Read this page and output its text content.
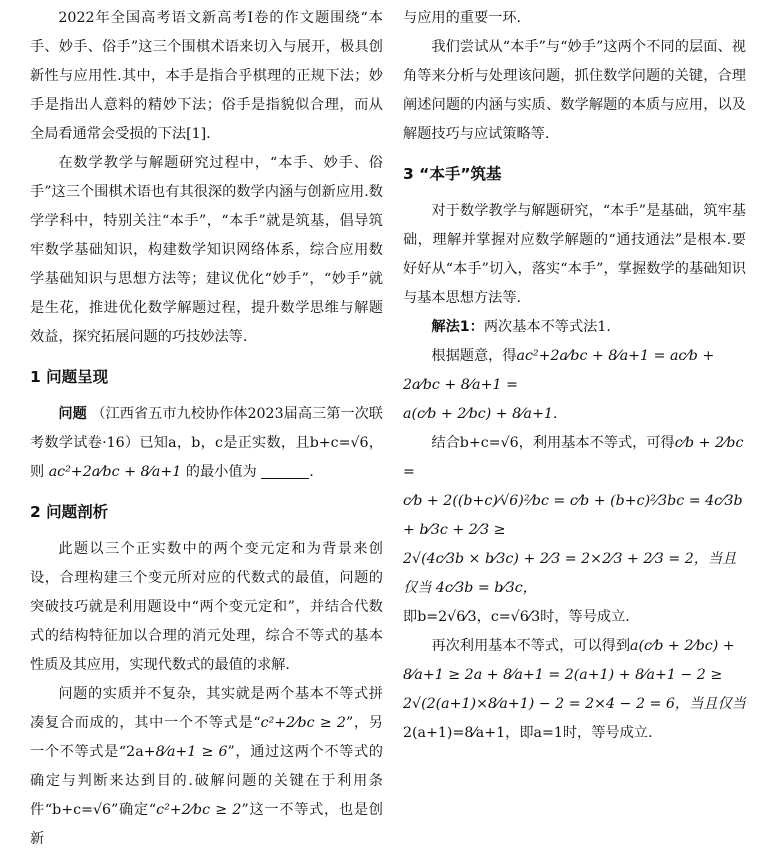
2022年全国高考语文新高考Ⅰ卷的作文题围绕“本手、妙手、俗手”这三个围棋术语来切入与展开，极具创新性与应用性.其中，本手是指合乎棋理的正规下法；妙手是指出人意料的精妙下法；俗手是指貌似合理，而从全局看通常会受损的下法[1].

在数学教学与解题研究过程中，“本手、妙手、俗手”这三个围棋术语也有其很深的数学内涵与创新应用.数学学科中，特别关注“本手”，“本手”就是筑基，倡导筑牢数学基础知识，构建数学知识网络体系，综合应用数学基础知识与思想方法等；建议优化“妙手”，“妙手”就是生花，推进优化数学解题过程，提升数学思维与解题效益，探究拓展问题的巧技妙法等.

1 问题呈现

问题 （江西省五市九校协作体2023届高三第一次联考数学试卷·16）已知a，b，c是正实数，且b+c=√6，则 ac²+2a⁄bc + 8⁄a+1 的最小值为	.

2 问题剖析

此题以三个正实数中的两个变元定和为背景来创设，合理构建三个变元所对应的代数式的最值，问题的突破技巧就是利用题设中“两个变元定和”，并结合代数式的结构特征加以合理的消元处理，综合不等式的基本性质及其应用，实现代数式的最值的求解.

问题的实质并不复杂，其实就是两个基本不等式拼凑复合而成的，其中一个不等式是“c²+2⁄bc ≥ 2”，另一个不等式是“2a+8⁄a+1 ≥ 6”，通过这两个不等式的确定与判断来达到目的.破解问题的关键在于利用条件“b+c=√6”确定“c²+2⁄bc ≥ 2”这一不等式，也是创新

与应用的重要一环.

我们尝试从“本手”与“妙手”这两个不同的层面、视角等来分析与处理该问题，抓住数学问题的关键，合理阐述问题的内涵与实质、数学解题的本质与应用，以及解题技巧与应试策略等.

3 “本手”筑基

对于数学教学与解题研究，“本手”是基础，筑牢基础，理解并掌握对应数学解题的“通技通法”是根本.要好好从“本手”切入，落实“本手”，掌握数学的基础知识与基本思想方法等.

解法1：两次基本不等式法1.

根据题意，得ac²+2a⁄bc + 8⁄a+1 = ac⁄b + 2a⁄bc + 8⁄a+1 =

a(c⁄b + 2⁄bc) + 8⁄a+1.

结合b+c=√6，利用基本不等式，可得c⁄b + 2⁄bc =

c⁄b + 2((b+c)⁄√6)²⁄bc = c⁄b + (b+c)²⁄3bc = 4c⁄3b + b⁄3c + 2⁄3 ≥

2√(4c⁄3b × b⁄3c) + 2⁄3 = 2×2⁄3 + 2⁄3 = 2，当且仅当 4c⁄3b = b⁄3c，

即b=2√6⁄3，c=√6⁄3时，等号成立.

再次利用基本不等式，可以得到a(c⁄b + 2⁄bc) +

8⁄a+1 ≥ 2a + 8⁄a+1 = 2(a+1) + 8⁄a+1 − 2 ≥

2√(2(a+1)×8⁄a+1) − 2 = 2×4 − 2 = 6，当且仅当

2(a+1)=8⁄a+1，即a=1时，等号成立.
